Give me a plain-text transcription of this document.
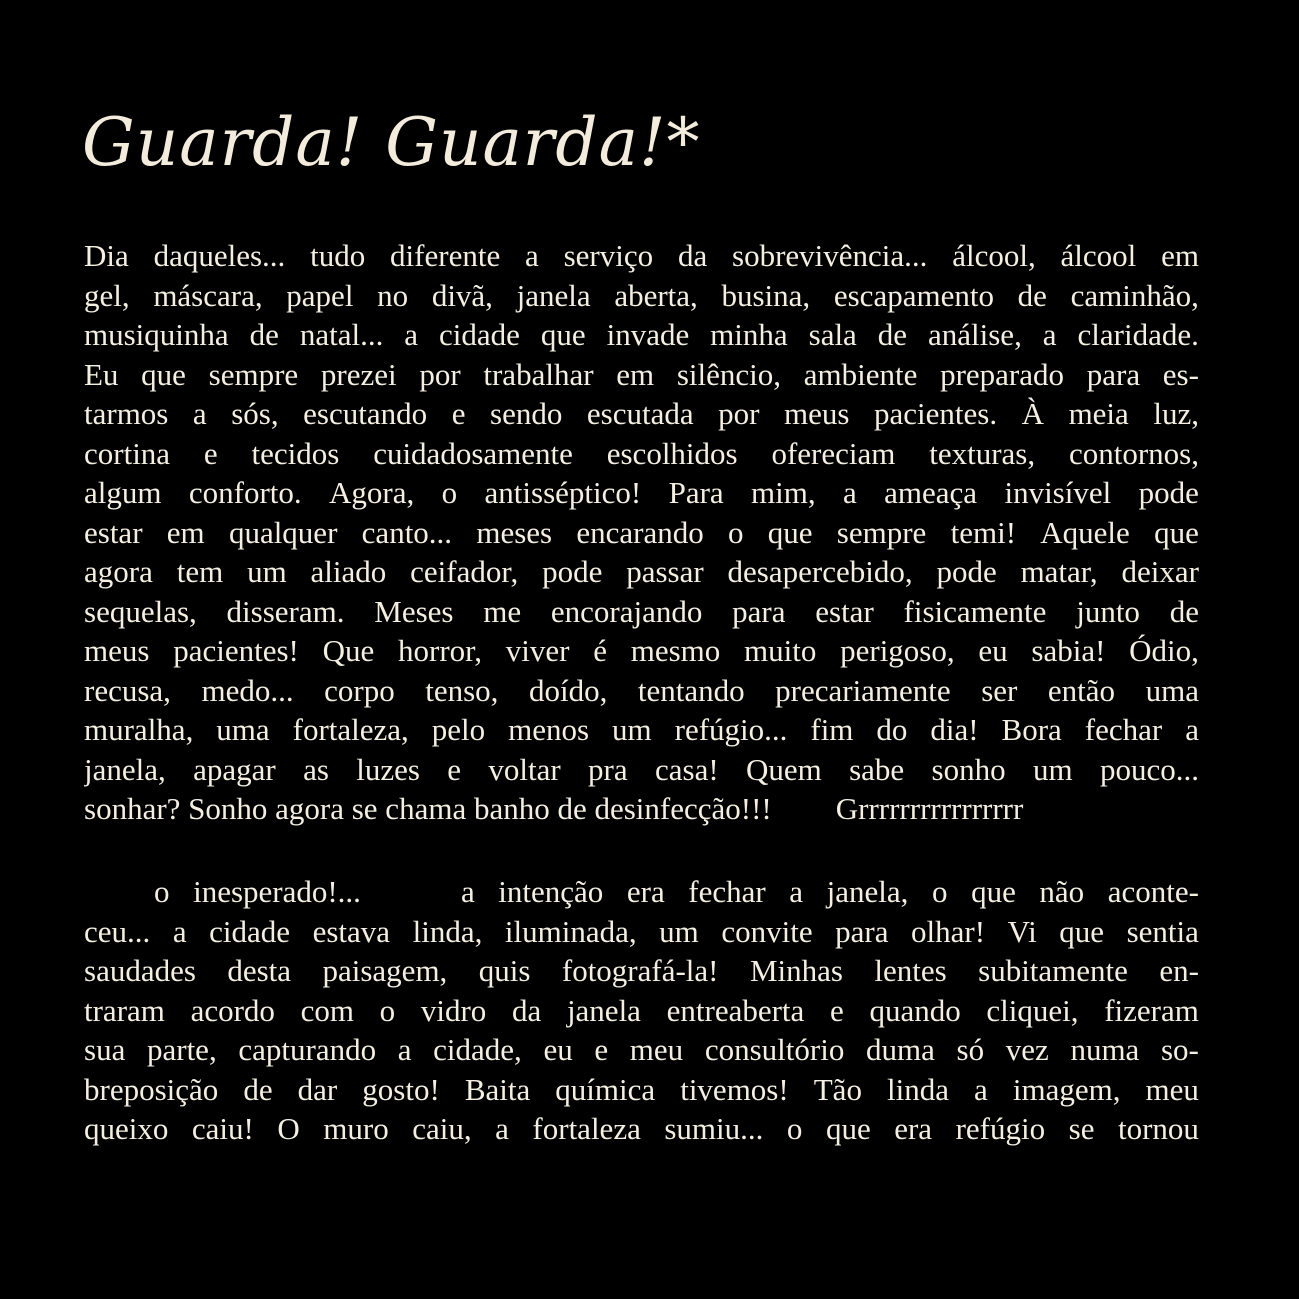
Guarda! Guarda!*
Dia daqueles... tudo diferente a serviço da sobrevivência... álcool, álcool em
gel, máscara, papel no divã, janela aberta, busina, escapamento de caminhão,
musiquinha de natal... a cidade que invade minha sala de análise, a claridade.
Eu que sempre prezei por trabalhar em silêncio, ambiente preparado para es-
tarmos a sós, escutando e sendo escutada por meus pacientes. À meia luz,
cortina e tecidos cuidadosamente escolhidos ofereciam texturas, contornos,
algum conforto. Agora, o antisséptico! Para mim, a ameaça invisível pode
estar em qualquer canto... meses encarando o que sempre temi! Aquele que
agora tem um aliado ceifador, pode passar desapercebido, pode matar, deixar
sequelas, disseram. Meses me encorajando para estar fisicamente junto de
meus pacientes! Que horror, viver é mesmo muito perigoso, eu sabia! Ódio,
recusa, medo... corpo tenso, doído, tentando precariamente ser então uma
muralha, uma fortaleza, pelo menos um refúgio... fim do dia! Bora fechar a
janela, apagar as luzes e voltar pra casa! Quem sabe sonho um pouco...
sonhar? Sonho agora se chama banho de desinfecção!!! Grrrrrrrrrrrrrrrr
o inesperado!...	a intenção era fechar a janela, o que não aconte-
ceu... a cidade estava linda, iluminada, um convite para olhar! Vi que sentia
saudades desta paisagem, quis fotografá-la! Minhas lentes subitamente en-
traram acordo com o vidro da janela entreaberta e quando cliquei, fizeram
sua parte, capturando a cidade, eu e meu consultório duma só vez numa so-
breposição de dar gosto! Baita química tivemos! Tão linda a imagem, meu
queixo caiu! O muro caiu, a fortaleza sumiu... o que era refúgio se tornou
